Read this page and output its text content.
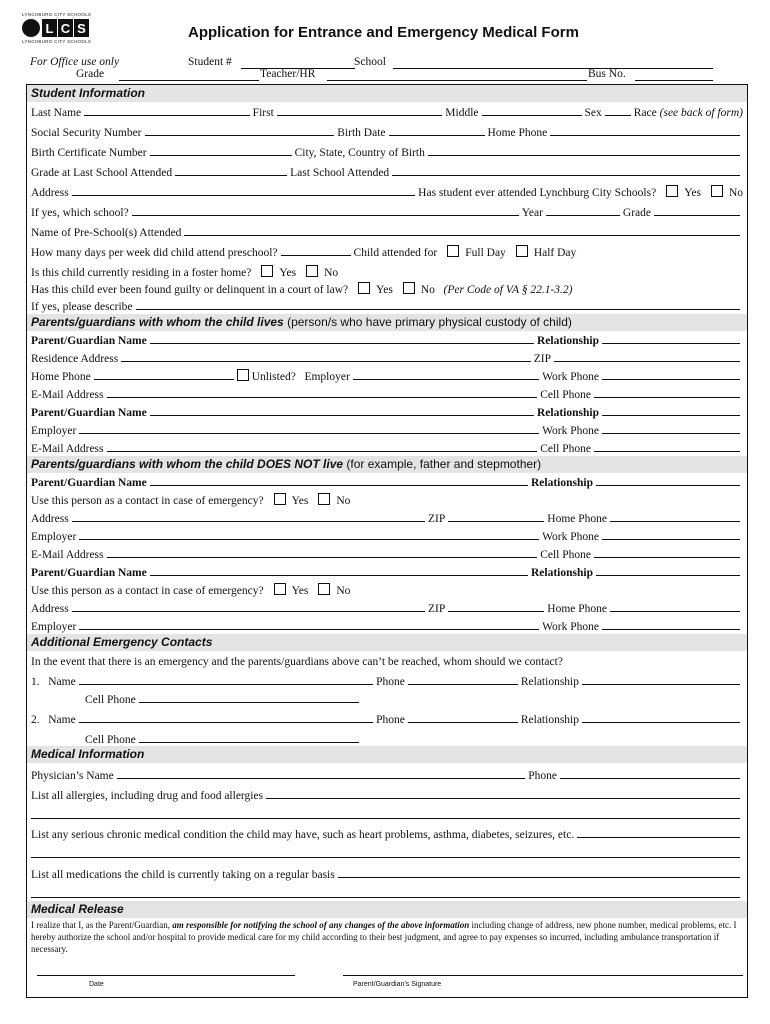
LYNCHBURG CITY SCHOOLS
L C S
LYNCHBURG CITY SCHOOLS
Application for Entrance and Emergency Medical Form
For Office use only	Student #	School
Grade	Teacher/HR	Bus No.
Student Information
Last Name	First	Middle	Sex	Race
(see back of form)
Social Security Number	Birth Date	Home Phone
Birth Certificate Number	City, State, Country of Birth
Grade at Last School Attended	Last School Attended
Address	Has student ever attended Lynchburg City Schools? Yes No
If yes, which school?	Year	Grade
Name of Pre-School(s) Attended
How many days per week did child attend preschool?	Child attended for Full Day Half Day
Is this child currently residing in a foster home? Yes No
Has this child ever been found guilty or delinquent in a court of law? Yes No
(Per Code of VA § 22.1-3.2)
If yes, please describe
Parents/guardians with whom the child lives (person/s who have primary physical custody of child)
Parent/Guardian Name	Relationship
Residence Address	ZIP
Home Phone	Unlisted?
Employer	Work Phone
E-Mail Address	Cell Phone
Parent/Guardian Name	Relationship
Employer	Work Phone
E-Mail Address	Cell Phone
Parents/guardians with whom the child DOES NOT live (for example, father and stepmother)
Parent/Guardian Name	Relationship
Use this person as a contact in case of emergency? Yes No
Address	ZIP	Home Phone
Employer	Work Phone
E-Mail Address	Cell Phone
Parent/Guardian Name	Relationship
Use this person as a contact in case of emergency? Yes No
Address	ZIP	Home Phone
Employer	Work Phone
Additional Emergency Contacts
In the event that there is an emergency and the parents/guardians above can’t be reached, whom should we contact?
1.
Name	Phone	Relationship
Cell Phone
2.
Name	Phone	Relationship
Cell Phone
Medical Information
Physician’s Name	Phone
List all allergies, including drug and food allergies
List any serious chronic medical condition the child may have, such as heart problems, asthma, diabetes, seizures, etc.
List all medications the child is currently taking on a regular basis
Medical Release
I realize that I, as the Parent/Guardian, am responsible for notifying the school of any changes of the above information including change of address, new phone number, medical problems, etc. I hereby authorize the school and/or hospital to provide medical care for my child according to their best judgment, and agree to pay expenses so incurred, including ambulance transportation if necessary.
Date	Parent/Guardian’s Signature
